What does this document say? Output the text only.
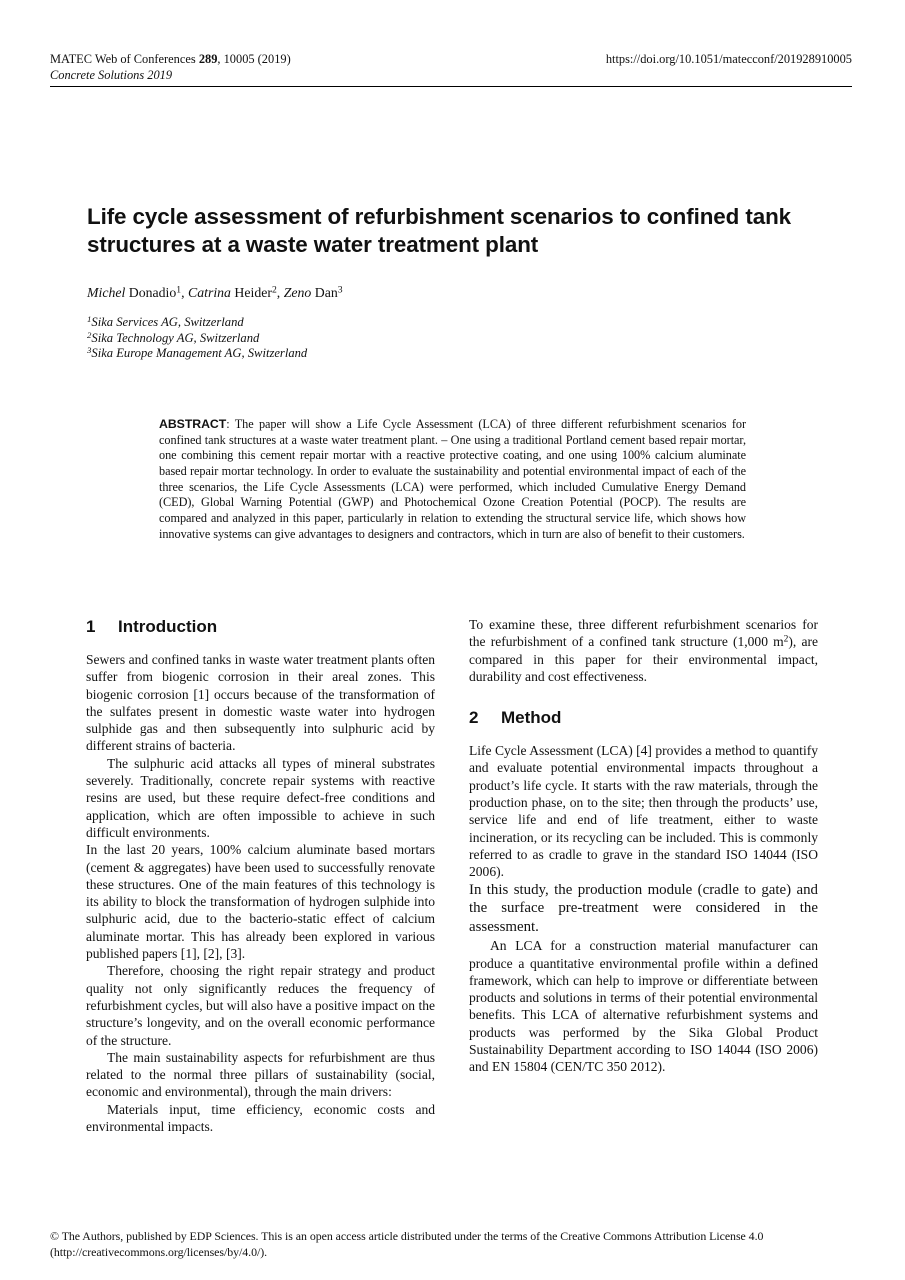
MATEC Web of Conferences 289, 10005 (2019)
Concrete Solutions 2019
https://doi.org/10.1051/matecconf/201928910005
Life cycle assessment of refurbishment scenarios to confined tank structures at a waste water treatment plant
Michel Donadio$^1$, Catrina Heider$^2$, Zeno Dan$^3$
$^1$Sika Services AG, Switzerland
$^2$Sika Technology AG, Switzerland
$^3$Sika Europe Management AG, Switzerland

ABSTRACT: The paper will show a Life Cycle Assessment (LCA) of three different refurbishment scenarios for confined tank structures at a waste water treatment plant. – One using a traditional Portland cement based repair mortar, one combining this cement repair mortar with a reactive protective coating, and one using 100% calcium aluminate based repair mortar technology. In order to evaluate the sustainability and potential environmental impact of each of the three scenarios, the Life Cycle Assessments (LCA) were performed, which included Cumulative Energy Demand (CED), Global Warning Potential (GWP) and Photochemical Ozone Creation Potential (POCP). The results are compared and analyzed in this paper, particularly in relation to extending the structural service life, which shows how innovative systems can give advantages to designers and contractors, which in turn are also of benefit to their customers.

1 Introduction

Sewers and confined tanks in waste water treatment plants often suffer from biogenic corrosion in their areal zones. This biogenic corrosion [1] occurs because of the transformation of the sulfates present in domestic waste water into hydrogen sulphide gas and then subsequently into sulphuric acid by different strains of bacteria.

The sulphuric acid attacks all types of mineral substrates severely. Traditionally, concrete repair systems with reactive resins are used, but these require defect-free conditions and application, which are often impossible to achieve in such difficult environments.

In the last 20 years, 100% calcium aluminate based mortars (cement & aggregates) have been used to successfully renovate these structures. One of the main features of this technology is its ability to block the transformation of hydrogen sulphide into sulphuric acid, due to the bacterio-static effect of calcium aluminate mortar. This has already been explored in various published papers [1], [2], [3].

Therefore, choosing the right repair strategy and product quality not only significantly reduces the frequency of refurbishment cycles, but will also have a positive impact on the structure’s longevity, and on the overall economic performance of the structure.

The main sustainability aspects for refurbishment are thus related to the normal three pillars of sustainability (social, economic and environmental), through the main drivers:

Materials input, time efficiency, economic costs and environmental impacts.

To examine these, three different refurbishment scenarios for the refurbishment of a confined tank structure (1,000 $m^2$), are compared in this paper for their environmental impact, durability and cost effectiveness.

2 Method

Life Cycle Assessment (LCA) [4] provides a method to quantify and evaluate potential environmental impacts throughout a product’s life cycle. It starts with the raw materials, through the production phase, on to the site; then through the products’ use, service life and end of life treatment, either to waste incineration, or its recycling can be included. This is commonly referred to as cradle to grave in the standard ISO 14044 (ISO 2006).

In this study, the production module (cradle to gate) and the surface pre-treatment were considered in the assessment.

An LCA for a construction material manufacturer can produce a quantitative environmental profile within a defined framework, which can help to improve or differentiate between products and solutions in terms of their potential environmental benefits. This LCA of alternative refurbishment systems and products was performed by the Sika Global Product Sustainability Department according to ISO 14044 (ISO 2006) and EN 15804 (CEN/TC 350 2012).

© The Authors, published by EDP Sciences. This is an open access article distributed under the terms of the Creative Commons Attribution License 4.0 (http://creativecommons.org/licenses/by/4.0/).
